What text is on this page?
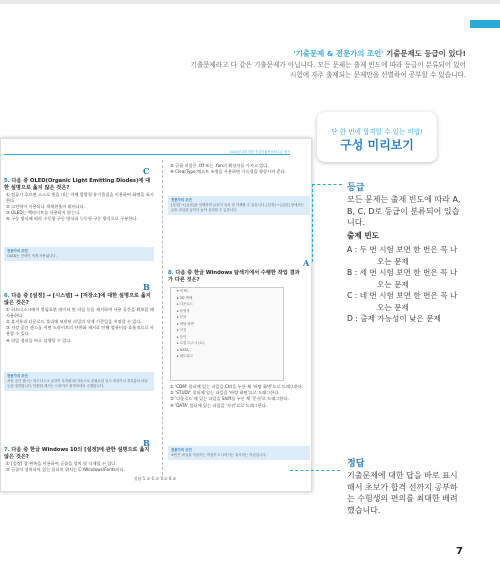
'기출문제 & 전문가의 조언' 기출문제도 등급이 있다!
기출문제라고 다 같은 기출문제가 아닙니다. 모든 문제는 출제 빈도에 따라 등급이 분류되어 있어
시험에 자주 출제되는 문제만을 선별하여 공부할 수 있습니다.
2024년 2회 대한 컴퓨터활용능력 1급 필기
C
5. 다음 중 OLED(Organic Light Emitting Diodes)에 대한 설명으로 옳지 않은 것은?
① 전류가 흐르면 스스로 빛을 내는 자체 발광형 유기물질을 이용하여 화면을 표시한다.
② 고전력이 사용되나 색재현율이 뛰어나다.
③ OLED는 백라이트를 사용하지 않는다.
④ 구동 방식에 따라 수동형 구동 방식과 능동형 구동 방식으로 구분한다.
전문가의 조언
OLED는 전력이 적게 사용됩니다.
B
6. 다음 중 [설정] → [시스템] → [저장소]에 대한 설명으로 옳지 않은 것은?
① 하드디스크에서 불필요한 데이터 및 파일 등을 제거하여 사용 공간을 확보할 때 사용한다.
② 휴지통과 다운로드 폴더에 보관된 파일의 삭제 기준일을 지정할 수 있다.
③ 저장 공간 센스를 켜면 드라이브의 단편화 제거로 인해 컴퓨터를 효율적으로 사용할 수 있다.
④ 파일 정리를 바로 실행할 수 있다.
전문가의 조언
저장 공간 센스는 하드디스크 공간이 부족할 때 자동으로 불필요한 임시 파일이나 휴지통의 파일 등을 정리합니다. 단편화 제거는 드라이브 최적화에서 수행합니다.
B
7. 다음 중 한글 Windows 10의 [설정]에 관한 설명으로 옳지 않은 것은?
① [설정] 창 왼쪽을 이용하여 글꼴을 설치 및 삭제할 수 있다.
② 글꼴이 설치되어 있는 폴더의 위치는 C:\Windows\Fonts이다.
③ 글꼴 파일은 .ttf 또는 .fon의 확장자를 가지고 있다.
④ ClearType 텍스트 조정을 사용하면 가독성을 향상시켜 준다.
전문가의 조언
[설정] → [글꼴]을 선택하면 글꼴이 설치 및 삭제할 수 있습니다. [설정] → [글꼴] 창에서는 글꼴 파일을 끌어다 놓아 설치할 수 있습니다.
A
8. 다음 중 한글 Windows 탐색기에서 수행한 작업 결과가 다른 것은?
▾ 이 PC
▸ 3D 개체
▸ 다운로드
▸ 동영상
▸ 문서
▸ 바탕 화면
▸ 사진
▸ 음악
▸ 로컬 디스크 (C:)
▸ DATA
▸ 네트워크
① 'CDM' 폴더에 있는 파일을 Ctrl을 누른 채 '바탕 화면'으로 드래그한다.
② 'STUDY' 폴더에 있는 파일을 '바탕 화면'으로 드래그한다.
③ '다운로드'에 있는 파일을 Shift를 누른 채 '문서'로 드래그한다.
④ 'DATA' 폴더에 있는 파일을 '사진'으로 드래그한다.
전문가의 조언
③번은 파일을 이동하는 작업이고 나머지는 복사하는 작업입니다.
정답 5.③ 6.③ 7.② 8.③
단 한 번에 합격할 수 있는 비법!
구성 미리보기
등급
모든 문제는 출제 빈도에 따라 A, B, C, D로 등급이 분류되어 있습니다.
출제 빈도
A : 두 번 시험 보면 한 번은 꼭 나오는 문제
B : 세 번 시험 보면 한 번은 꼭 나오는 문제
C : 네 번 시험 보면 한 번은 꼭 나오는 문제
D : 출제 가능성이 낮은 문제
정답
기출문제에 대한 답을 바로 표시해서 초보가 합격 선까지 공부하는 수험생의 편의를 최대한 배려했습니다.
7
